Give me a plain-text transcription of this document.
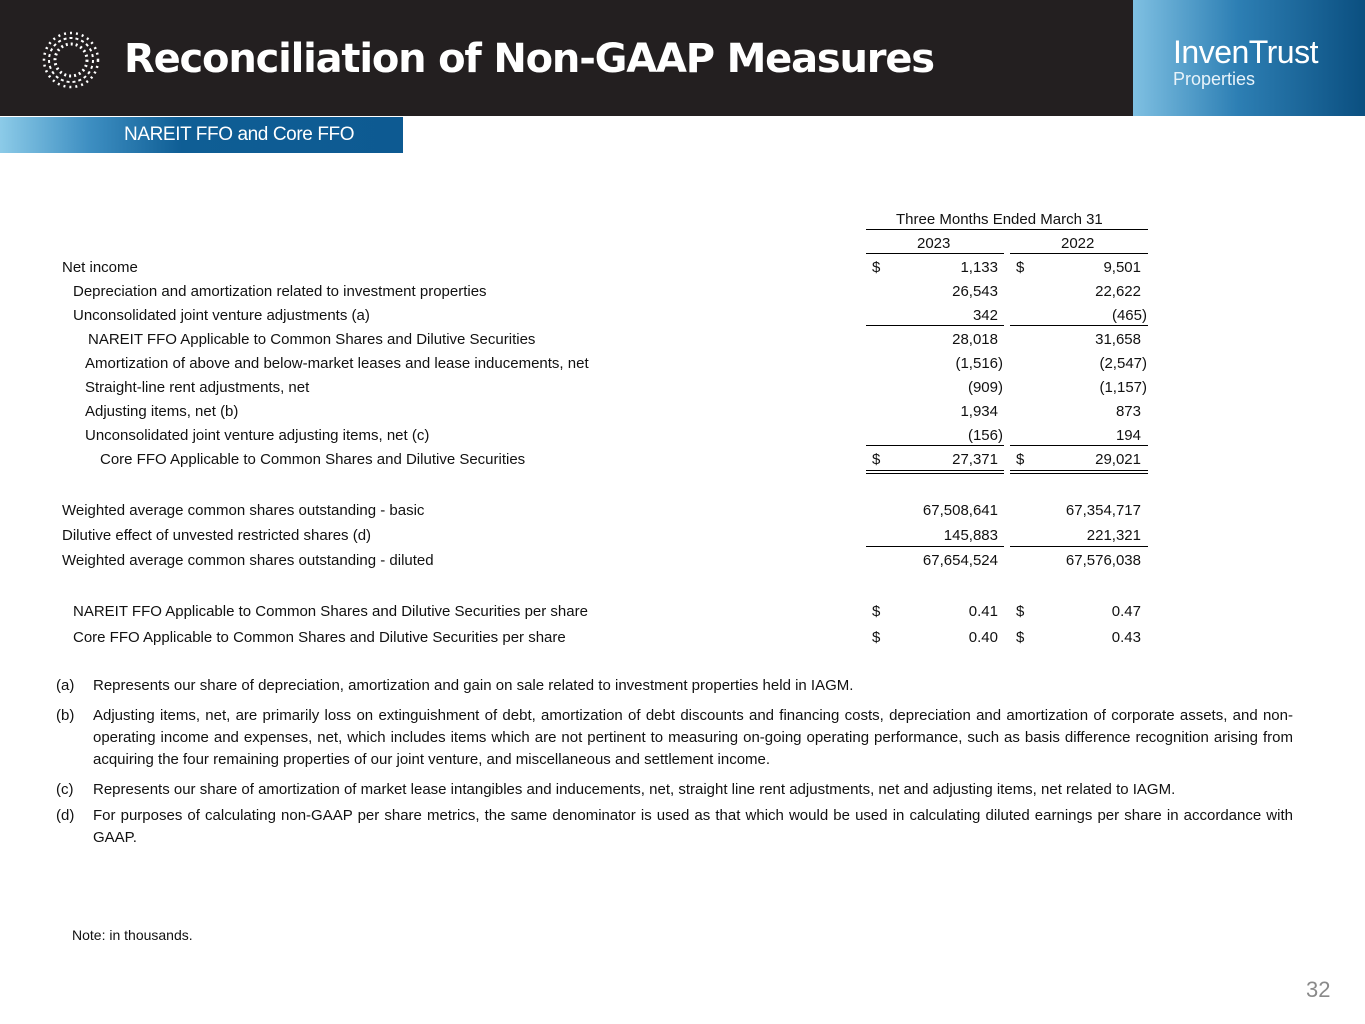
Reconciliation of Non-GAAP Measures	InvenTrust
Properties
NAREIT FFO and Core FFO
Three Months Ended March 31
2023	2022
Net income	$	1,133 $	9,501
Depreciation and amortization related to investment properties	26,543	22,622
Unconsolidated joint venture adjustments (a)	342	(465)
NAREIT FFO Applicable to Common Shares and Dilutive Securities	28,018	31,658
Amortization of above and below-market leases and lease inducements, net	(1,516)	(2,547)
Straight-line rent adjustments, net	(909)	(1,157)
Adjusting items, net (b)	1,934	873
Unconsolidated joint venture adjusting items, net (c)	(156)	194
Core FFO Applicable to Common Shares and Dilutive Securities	$	27,371 $	29,021
Weighted average common shares outstanding - basic	67,508,641	67,354,717
Dilutive effect of unvested restricted shares (d)	145,883	221,321
Weighted average common shares outstanding - diluted	67,654,524	67,576,038
NAREIT FFO Applicable to Common Shares and Dilutive Securities per share	$	0.41 $	0.47
Core FFO Applicable to Common Shares and Dilutive Securities per share	$	0.40 $	0.43
(a) Represents our share of depreciation, amortization and gain on sale related to investment properties held in IAGM.
(b) Adjusting items, net, are primarily loss on extinguishment of debt, amortization of debt discounts and financing costs, depreciation and amortization of corporate assets, and non-operating income and expenses, net, which includes items which are not pertinent to measuring on-going operating performance, such as basis difference recognition arising from acquiring the four remaining properties of our joint venture, and miscellaneous and settlement income.
(c) Represents our share of amortization of market lease intangibles and inducements, net, straight line rent adjustments, net and adjusting items, net related to IAGM.
(d) For purposes of calculating non-GAAP per share metrics, the same denominator is used as that which would be used in calculating diluted earnings per share in accordance with GAAP.
Note: in thousands.
32
